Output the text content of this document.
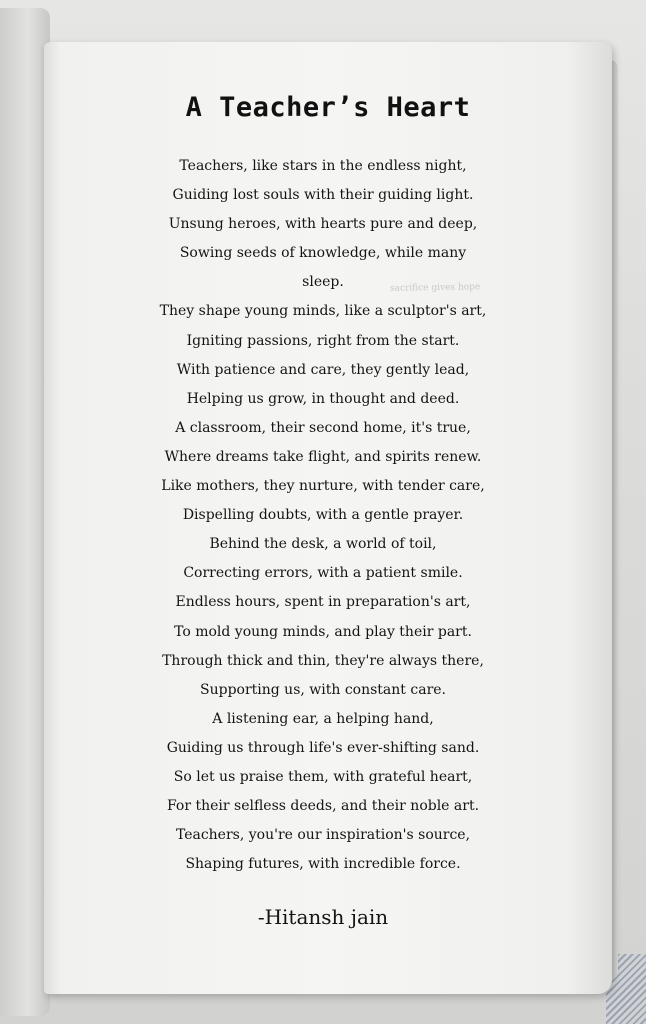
sacrifice gives hope
A Teacher’s Heart
Teachers, like stars in the endless night,
Guiding lost souls with their guiding light.
Unsung heroes, with hearts pure and deep,
Sowing seeds of knowledge, while many
sleep.
They shape young minds, like a sculptor's art,
Igniting passions, right from the start.
With patience and care, they gently lead,
Helping us grow, in thought and deed.
A classroom, their second home, it's true,
Where dreams take flight, and spirits renew.
Like mothers, they nurture, with tender care,
Dispelling doubts, with a gentle prayer.
Behind the desk, a world of toil,
Correcting errors, with a patient smile.
Endless hours, spent in preparation's art,
To mold young minds, and play their part.
Through thick and thin, they're always there,
Supporting us, with constant care.
A listening ear, a helping hand,
Guiding us through life's ever-shifting sand.
So let us praise them, with grateful heart,
For their selfless deeds, and their noble art.
Teachers, you're our inspiration's source,
Shaping futures, with incredible force.
-Hitansh jain
